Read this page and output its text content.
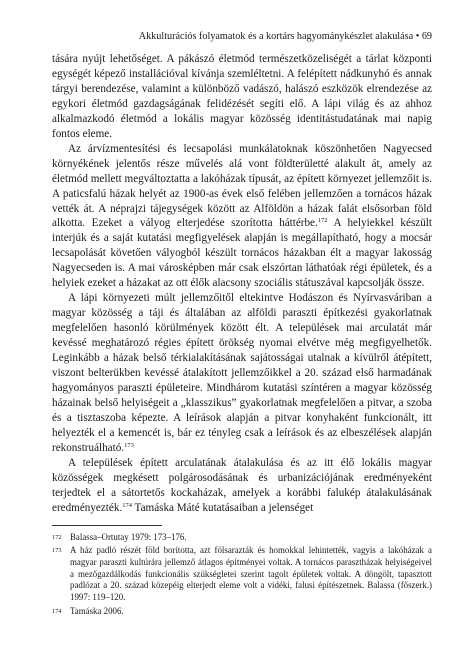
Akkulturációs folyamatok és a kortárs hagyománykészlet alakulása • 69

tására nyújt lehetőséget. A pákászó életmód természetközeliségét a tárlat központi egységét képező installációval kívánja szemléltetni. A felépített nádkunyhó és annak tárgyi berendezése, valamint a különböző vadászó, halászó eszközök elrendezése az egykori életmód gazdagságának felidézését segíti elő. A lápi világ és az ahhoz alkalmazkodó életmód a lokális magyar közösség identitástudatának mai napig fontos eleme.

Az árvízmentesítési és lecsapolási munkálatoknak köszönhetően Nagyecsed környékének jelentős része művelés alá vont földterületté alakult át, amely az életmód mellett megváltoztatta a lakóházak típusát, az épített környezet jellemzőit is. A paticsfalú házak helyét az 1900-as évek első felében jellemzően a tornácos házak vették át. A néprajzi tájegységek között az Alföldön a házak falát elsősorban föld alkotta. Ezeket a vályog elterjedése szorította háttérbe.$^{172}$ A helyiekkel készült interjúk és a saját kutatási megfigyelések alapján is megállapítható, hogy a mocsár lecsapolását követően vályogból készült tornácos házakban élt a magyar lakosság Nagyecseden is. A mai városképben már csak elszórtan láthatóak régi épületek, és a helyiek ezeket a házakat az ott élők alacsony szociális státuszával kapcsolják össze.

A lápi környezeti múlt jellemzőitől eltekintve Hodászon és Nyírvasváriban a magyar közösség a táji és általában az alföldi paraszti építkezési gyakorlatnak megfelelően hasonló körülmények között élt. A települések mai arculatát már kevéssé meghatározó régies épített örökség nyomai elvétve még megfigyelhetők. Leginkább a házak belső térkialakításának sajátosságai utalnak a kívülről átépített, viszont belterükben kevéssé átalakított jellemzőikkel a 20. század első harmadának hagyományos paraszti épületeire. Mindhárom kutatási színtéren a magyar közösség házainak belső helyiségeit a „klasszikus” gyakorlatnak megfelelően a pitvar, a szoba és a tisztaszoba képezte. A leírások alapján a pitvar konyhaként funkcionált, itt helyezték el a kemencét is, bár ez tényleg csak a leírások és az elbeszélések alapján rekonstruálható.$^{173}$

A települések épített arculatának átalakulása és az itt élő lokális magyar közösségek megkésett polgárosodásának és urbanizációjának eredményeként terjedtek el a sátortetős kockaházak, amelyek a korábbi falukép átalakulásának eredményezték.$^{174}$ Tamáska Máté kutatásaiban a jelenséget

172 Balassa–Ortutay 1979: 173–176.
173 A ház padló részét föld borította, azt fölsarazták és homokkal lehintették, vagyis a lakóházak a magyar paraszti kultúrára jellemző átlagos építményei voltak. A tornácos parasztházak helyiségeivel a mezőgazdálkodás funkcionális szükségletei szerint tagolt épületek voltak. A döngölt, tapasztott padlózat a 20. század közepéig elterjedt eleme volt a vidéki, falusi építészetnek. Balassa (főszerk.) 1997: 119–120.
174 Tamáska 2006.
